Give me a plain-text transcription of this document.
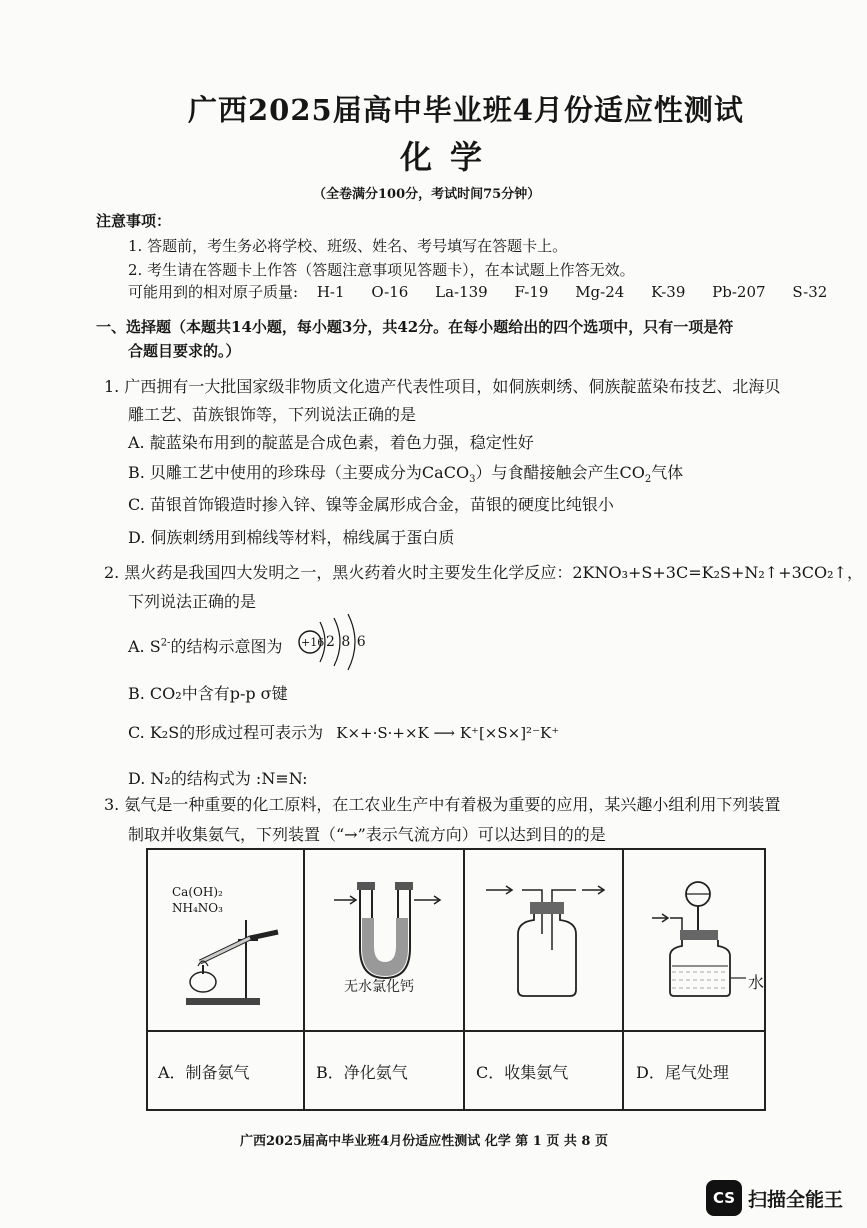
广西2025届高中毕业班4月份适应性测试
化学
（全卷满分100分，考试时间75分钟）
注意事项：
1. 答题前，考生务必将学校、班级、姓名、考号填写在答题卡上。
2. 考生请在答题卡上作答（答题注意事项见答题卡），在本试题上作答无效。
可能用到的相对原子质量: H-1 O-16 La-139 F-19 Mg-24 K-39 Pb-207 S-32
一、选择题（本题共14小题，每小题3分，共42分。在每小题给出的四个选项中，只有一项是符
合题目要求的。）
1. 广西拥有一大批国家级非物质文化遗产代表性项目，如侗族刺绣、侗族靛蓝染布技艺、北海贝
雕工艺、苗族银饰等，下列说法正确的是
A. 靛蓝染布用到的靛蓝是合成色素，着色力强，稳定性好
B. 贝雕工艺中使用的珍珠母（主要成分为CaCO$_3$）与食醋接触会产生$CO_2$气体
C. 苗银首饰锻造时掺入锌、镍等金属形成合金，苗银的硬度比纯银小
D. 侗族刺绣用到棉线等材料，棉线属于蛋白质
2. 黑火药是我国四大发明之一，黑火药着火时主要发生化学反应：2KNO₃+S+3C=K₂S+N₂↑+3CO₂↑，
下列说法正确的是
A. $S^{2-}$的结构示意图为 +16 2 8 6
B. CO₂中含有p-p σ键
C. K₂S的形成过程可表示为 K×+·S·+×K ⟶ K⁺[×S×]²⁻K⁺
D. N₂的结构式为 :N≡N:
3. 氨气是一种重要的化工原料，在工农业生产中有着极为重要的应用，某兴趣小组利用下列装置
制取并收集氨气，下列装置（“→”表示气流方向）可以达到目的的是
Ca(OH)₂
NH₄NO₃
无水氯化钙	水
A．制备氨气	B．净化氨气	C．收集氨气	D．尾气处理
广西2025届高中毕业班4月份适应性测试 化学 第 1 页 共 8 页
CS 扫描全能王
